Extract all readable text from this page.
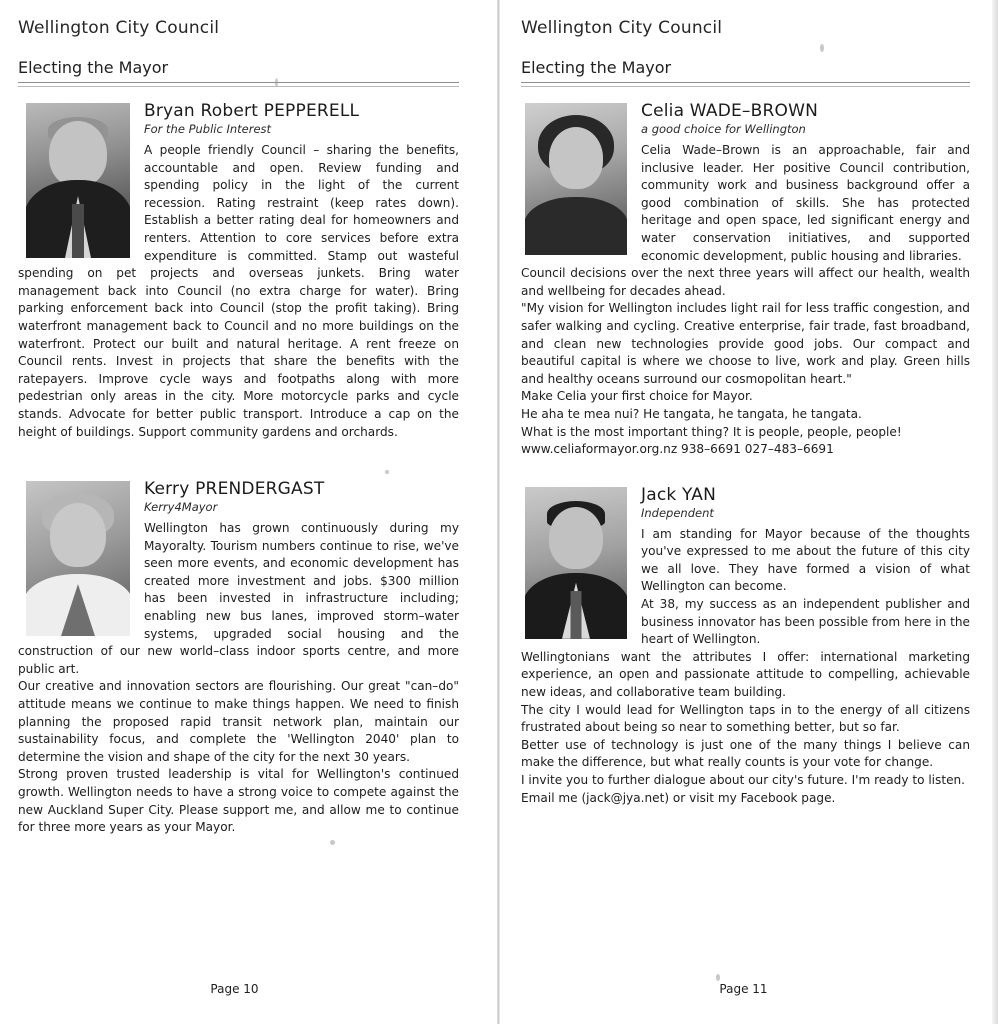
Wellington City Council
Electing the Mayor
Bryan Robert PEPPERELL
For the Public Interest
A people friendly Council – sharing the benefits, accountable and open. Review funding and spending policy in the light of the current recession. Rating restraint (keep rates down). Establish a better rating deal for homeowners and renters. Attention to core services before extra expenditure is committed. Stamp out wasteful spending on pet projects and overseas junkets. Bring water management back into Council (no extra charge for water). Bring parking enforcement back into Council (stop the profit taking). Bring waterfront management back to Council and no more buildings on the waterfront. Protect our built and natural heritage. A rent freeze on Council rents. Invest in projects that share the benefits with the ratepayers. Improve cycle ways and footpaths along with more pedestrian only areas in the city. More motorcycle parks and cycle stands. Advocate for better public transport. Introduce a cap on the height of buildings. Support community gardens and orchards.
Kerry PRENDERGAST
Kerry4Mayor
Wellington has grown continuously during my Mayoralty. Tourism numbers continue to rise, we've seen more events, and economic development has created more investment and jobs. $300 million has been invested in infrastructure including; enabling new bus lanes, improved storm–water systems, upgraded social housing and the construction of our new world–class indoor sports centre, and more public art.
Our creative and innovation sectors are flourishing. Our great "can–do" attitude means we continue to make things happen. We need to finish planning the proposed rapid transit network plan, maintain our sustainability focus, and complete the 'Wellington 2040' plan to determine the vision and shape of the city for the next 30 years.
Strong proven trusted leadership is vital for Wellington's continued growth. Wellington needs to have a strong voice to compete against the new Auckland Super City. Please support me, and allow me to continue for three more years as your Mayor.
Page 10
Wellington City Council
Electing the Mayor
Celia WADE–BROWN
a good choice for Wellington
Celia Wade–Brown is an approachable, fair and inclusive leader. Her positive Council contribution, community work and business background offer a good combination of skills. She has protected heritage and open space, led significant energy and water conservation initiatives, and supported economic development, public housing and libraries.
Council decisions over the next three years will affect our health, wealth and wellbeing for decades ahead.
"My vision for Wellington includes light rail for less traffic congestion, and safer walking and cycling. Creative enterprise, fair trade, fast broadband, and clean new technologies provide good jobs. Our compact and beautiful capital is where we choose to live, work and play. Green hills and healthy oceans surround our cosmopolitan heart."
Make Celia your first choice for Mayor.
He aha te mea nui? He tangata, he tangata, he tangata.
What is the most important thing? It is people, people, people!
www.celiaformayor.org.nz 938–6691 027–483–6691
Jack YAN
Independent
I am standing for Mayor because of the thoughts you've expressed to me about the future of this city we all love. They have formed a vision of what Wellington can become.
At 38, my success as an independent publisher and business innovator has been possible from here in the heart of Wellington.
Wellingtonians want the attributes I offer: international marketing experience, an open and passionate attitude to compelling, achievable new ideas, and collaborative team building.
The city I would lead for Wellington taps in to the energy of all citizens frustrated about being so near to something better, but so far.
Better use of technology is just one of the many things I believe can make the difference, but what really counts is your vote for change.
I invite you to further dialogue about our city's future. I'm ready to listen.
Email me (jack@jya.net) or visit my Facebook page.
Page 11
